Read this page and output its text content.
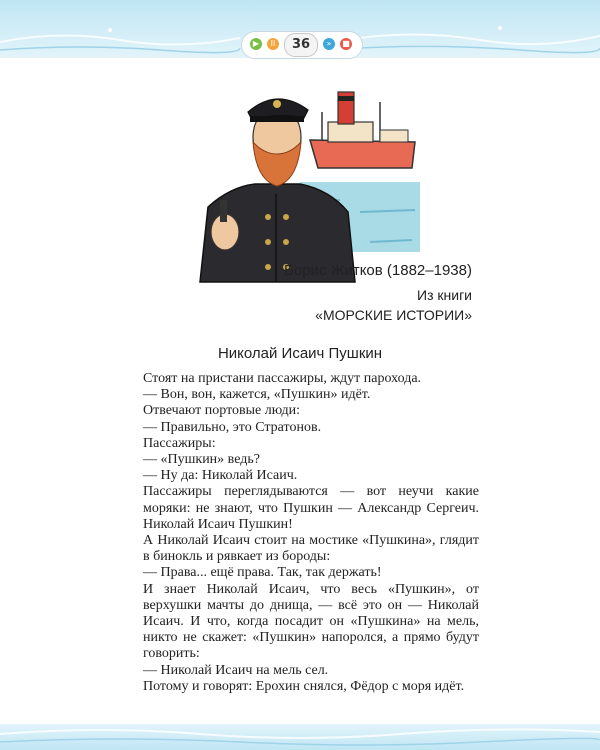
▶	II	»	■
36
Борис Житков (1882–1938)
Из книги
«МОРСКИЕ ИСТОРИИ»
Николай Исаич Пушкин

Стоят на пристани пассажиры, ждут парохода.

— Вон, вон, кажется, «Пушкин» идёт.

Отвечают портовые люди:

— Правильно, это Стратонов.

Пассажиры:

— «Пушкин» ведь?

— Ну да: Николай Исаич.

Пассажиры переглядываются — вот неучи какие моряки: не знают, что Пушкин — Александр Сергеич. Николай Исаич Пушкин!

А Николай Исаич стоит на мостике «Пушкина», глядит в бинокль и рявкает из бороды:

— Права... ещё права. Так, так держать!

И знает Николай Исаич, что весь «Пушкин», от верхушки мачты до днища, — всё это он — Николай Исаич. И что, когда посадит он «Пушкина» на мель, никто не скажет: «Пушкин» напоролся, а прямо будут говорить:

— Николай Исаич на мель сел.

Потому и говорят: Ерохин снялся, Фёдор с моря идёт.
